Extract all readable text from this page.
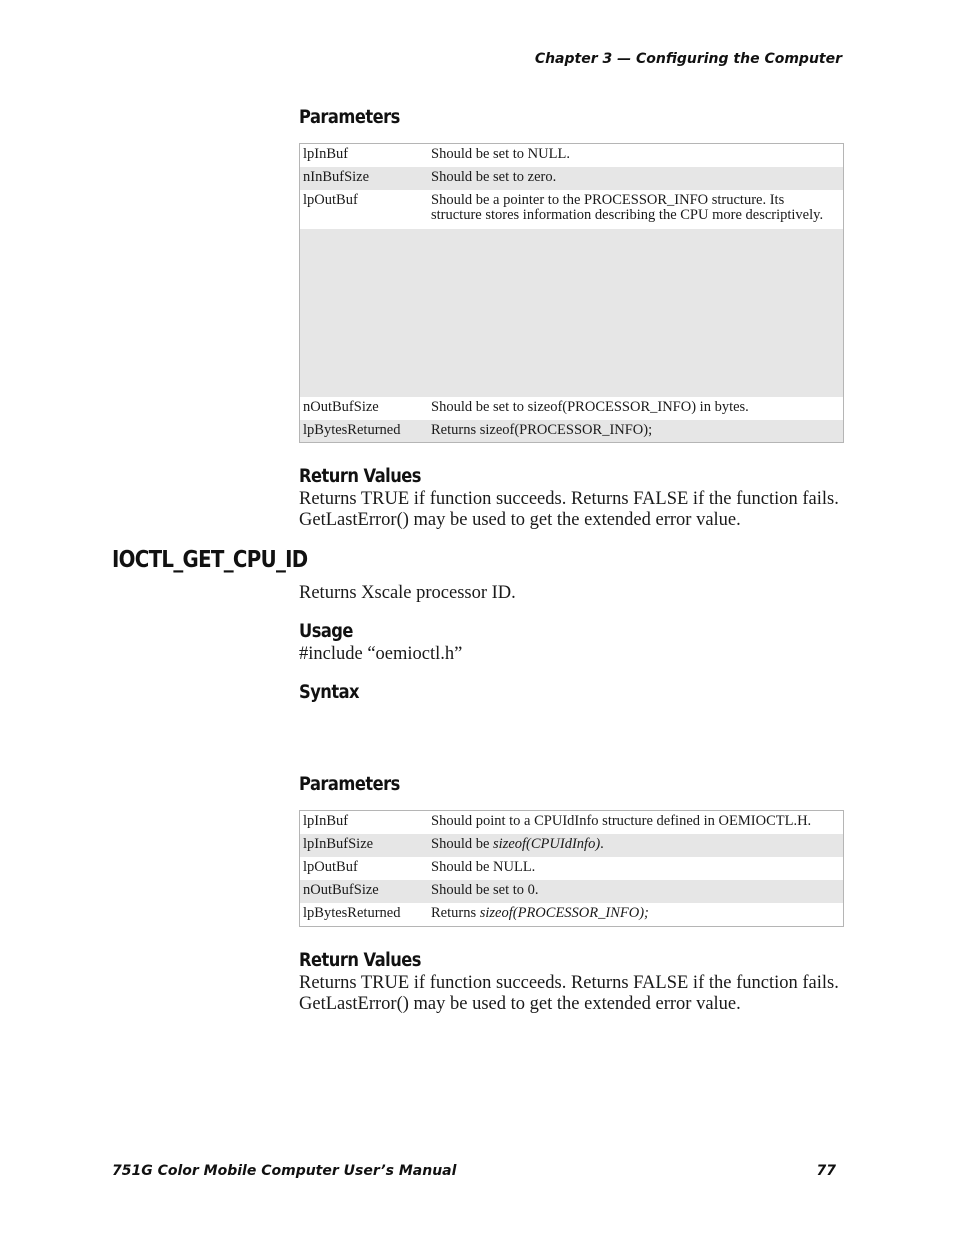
Chapter 3 — Configuring the Computer
Parameters
lpInBuf	Should be set to NULL.
nInBufSize	Should be set to zero.
lpOutBuf	Should be a pointer to the PROCESSOR_INFO structure. Its
structure stores information describing the CPU more descriptively.

nOutBufSize	Should be set to sizeof(PROCESSOR_INFO) in bytes.
lpBytesReturned	Returns sizeof(PROCESSOR_INFO);
Return Values
Returns TRUE if function succeeds. Returns FALSE if the function fails.
GetLastError() may be used to get the extended error value.
IOCTL_GET_CPU_ID
Returns Xscale processor ID.
Usage
#include “oemioctl.h”
Syntax
Parameters
lpInBuf	Should point to a CPUIdInfo structure defined in OEMIOCTL.H.
lpInBufSize	Should be sizeof(CPUIdInfo).
lpOutBuf	Should be NULL.
nOutBufSize	Should be set to 0.
lpBytesReturned	Returns sizeof(PROCESSOR_INFO);
Return Values
Returns TRUE if function succeeds. Returns FALSE if the function fails.
GetLastError() may be used to get the extended error value.
751G Color Mobile Computer User’s Manual	77
